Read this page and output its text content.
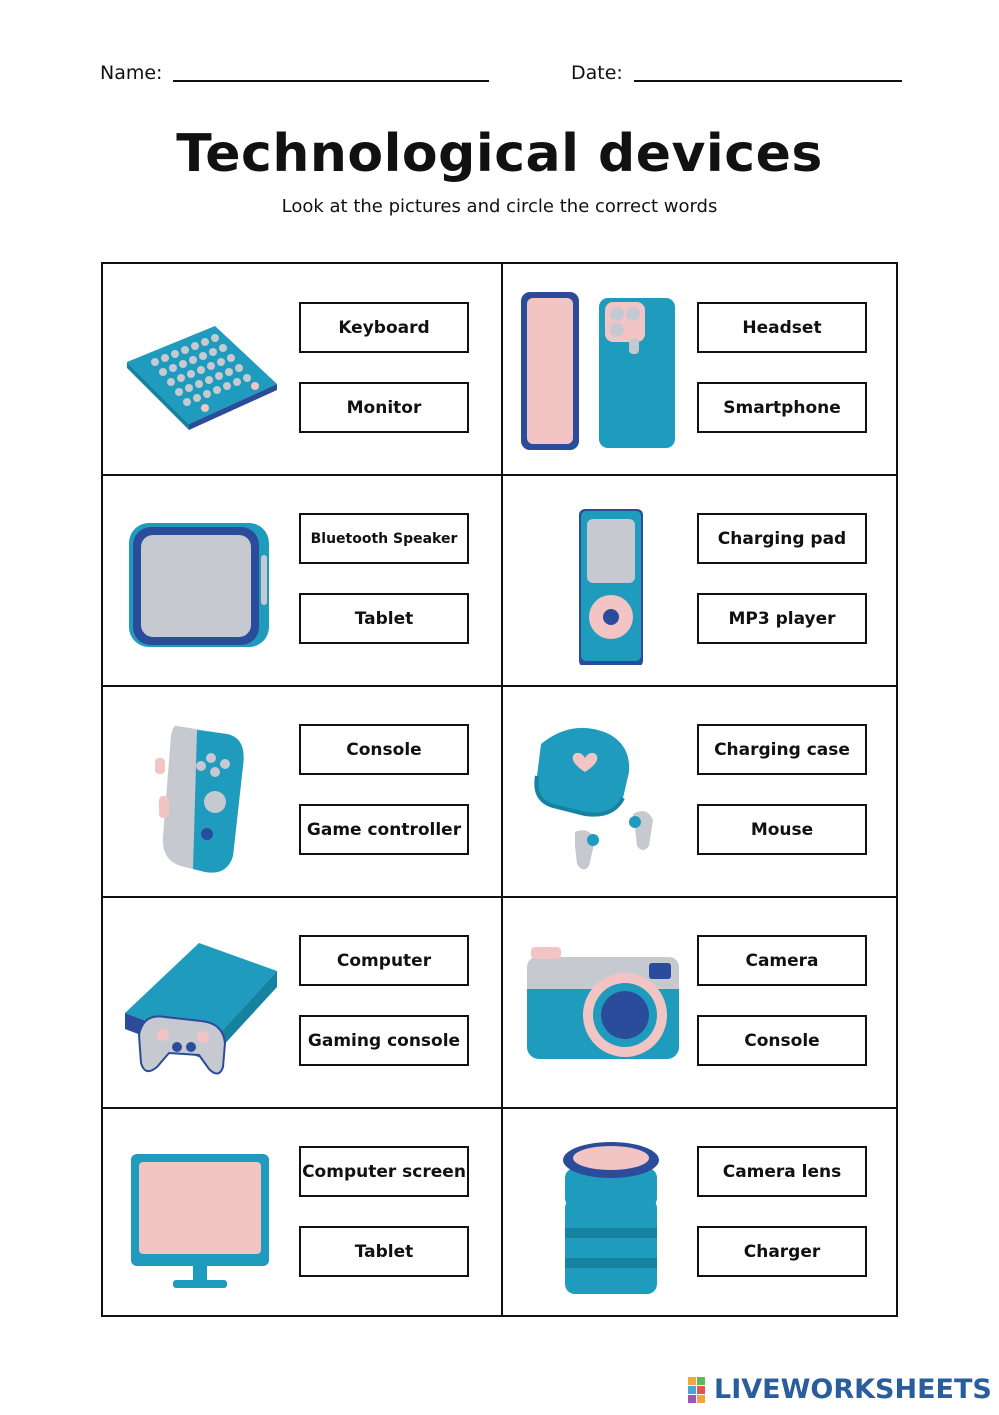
Name:	Date:
Technological devices
Look at the pictures and circle the correct words
Keyboard
Monitor
Headset
Smartphone
Bluetooth Speaker
Tablet
Charging pad
MP3 player
Console
Game controller
Charging case
Mouse
Computer
Gaming console
Camera
Console
Computer screen
Tablet
Camera lens
Charger
LIVEWORKSHEETS
